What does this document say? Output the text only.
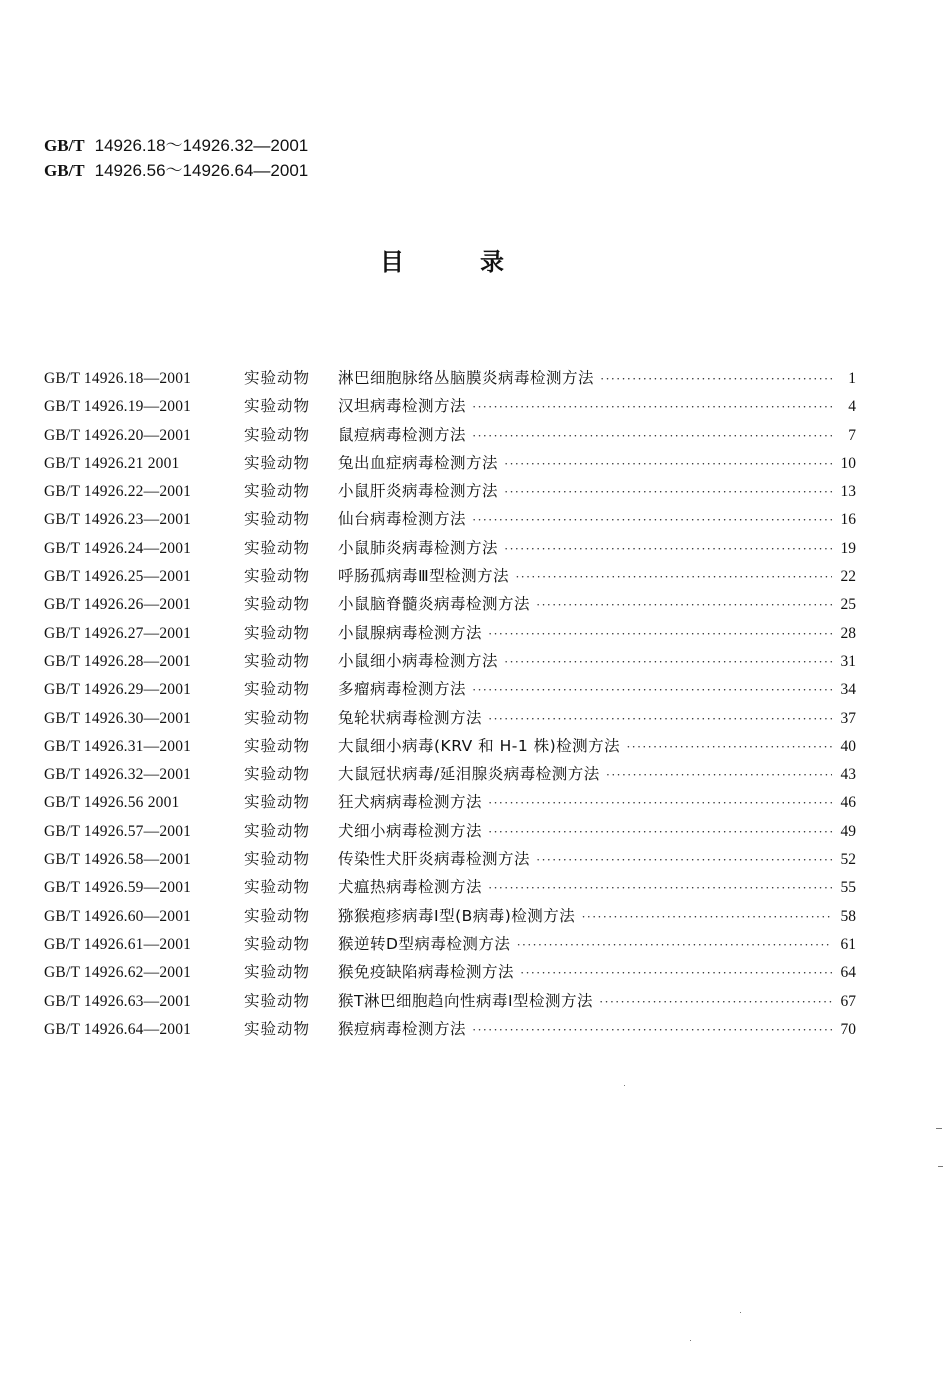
GB/T 14926.18～14926.32—2001
GB/T 14926.56～14926.64—2001
目录
GB/T 14926.18—2001	实验动物	淋巴细胞脉络丛脑膜炎病毒检测方法 ·····	1
GB/T 14926.19—2001	实验动物	汉坦病毒检测方法 ·····	4
GB/T 14926.20—2001	实验动物	鼠痘病毒检测方法 ·····	7
GB/T 14926.21 2001	实验动物	兔出血症病毒检测方法 ·····	10
GB/T 14926.22—2001	实验动物	小鼠肝炎病毒检测方法 ·····	13
GB/T 14926.23—2001	实验动物	仙台病毒检测方法 ·····	16
GB/T 14926.24—2001	实验动物	小鼠肺炎病毒检测方法 ·····	19
GB/T 14926.25—2001	实验动物	呼肠孤病毒Ⅲ型检测方法 ·····	22
GB/T 14926.26—2001	实验动物	小鼠脑脊髓炎病毒检测方法 ·····	25
GB/T 14926.27—2001	实验动物	小鼠腺病毒检测方法 ·····	28
GB/T 14926.28—2001	实验动物	小鼠细小病毒检测方法 ·····	31
GB/T 14926.29—2001	实验动物	多瘤病毒检测方法 ·····	34
GB/T 14926.30—2001	实验动物	兔轮状病毒检测方法 ·····	37
GB/T 14926.31—2001	实验动物	大鼠细小病毒(KRV 和 H-1 株)检测方法 ·····	40
GB/T 14926.32—2001	实验动物	大鼠冠状病毒/延泪腺炎病毒检测方法 ·····	43
GB/T 14926.56 2001	实验动物	狂犬病病毒检测方法 ·····	46
GB/T 14926.57—2001	实验动物	犬细小病毒检测方法 ·····	49
GB/T 14926.58—2001	实验动物	传染性犬肝炎病毒检测方法 ·····	52
GB/T 14926.59—2001	实验动物	犬瘟热病毒检测方法 ·····	55
GB/T 14926.60—2001	实验动物	猕猴疱疹病毒Ⅰ型(B病毒)检测方法 ·····	58
GB/T 14926.61—2001	实验动物	猴逆转D型病毒检测方法 ·····	61
GB/T 14926.62—2001	实验动物	猴免疫缺陷病毒检测方法 ·····	64
GB/T 14926.63—2001	实验动物	猴T淋巴细胞趋向性病毒Ⅰ型检测方法 ·····	67
GB/T 14926.64—2001	实验动物	猴痘病毒检测方法 ·····	70
